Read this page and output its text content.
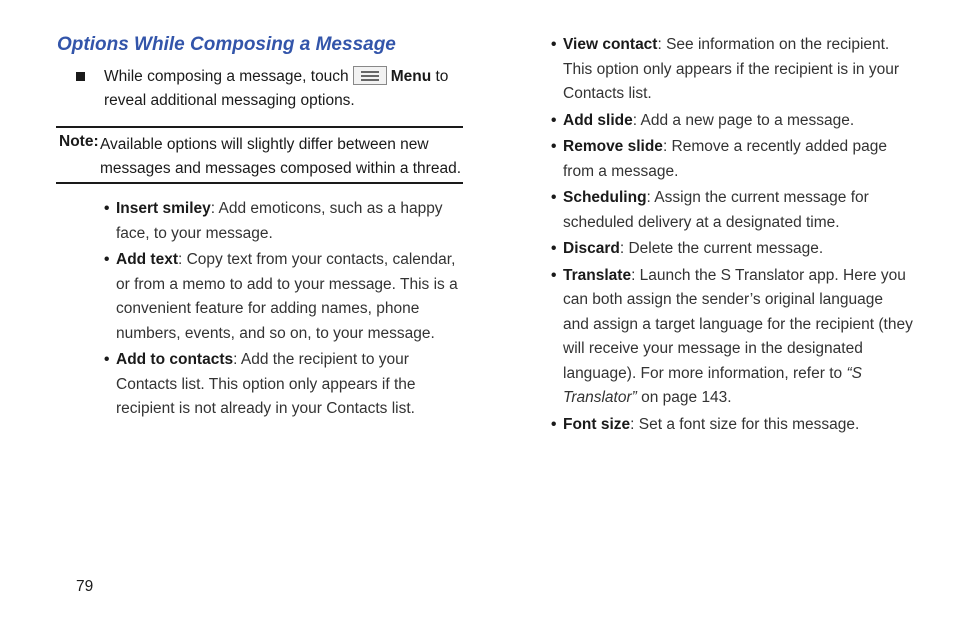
Options While Composing a Message
While composing a message, touch	Menu to reveal additional messaging options.
Note: Available options will slightly differ between new messages and messages composed within a thread.
• Insert smiley: Add emoticons, such as a happy face, to your message.
• Add text: Copy text from your contacts, calendar, or from a memo to add to your message. This is a convenient feature for adding names, phone numbers, events, and so on, to your message.
• Add to contacts: Add the recipient to your Contacts list. This option only appears if the recipient is not already in your Contacts list.
• View contact: See information on the recipient. This option only appears if the recipient is in your Contacts list.
• Add slide: Add a new page to a message.
• Remove slide: Remove a recently added page from a message.
• Scheduling: Assign the current message for scheduled delivery at a designated time.
• Discard: Delete the current message.
• Translate: Launch the S Translator app. Here you can both assign the sender’s original language and assign a target language for the recipient (they will receive your message in the designated language). For more information, refer to “S Translator” on page 143.
• Font size: Set a font size for this message.
79
